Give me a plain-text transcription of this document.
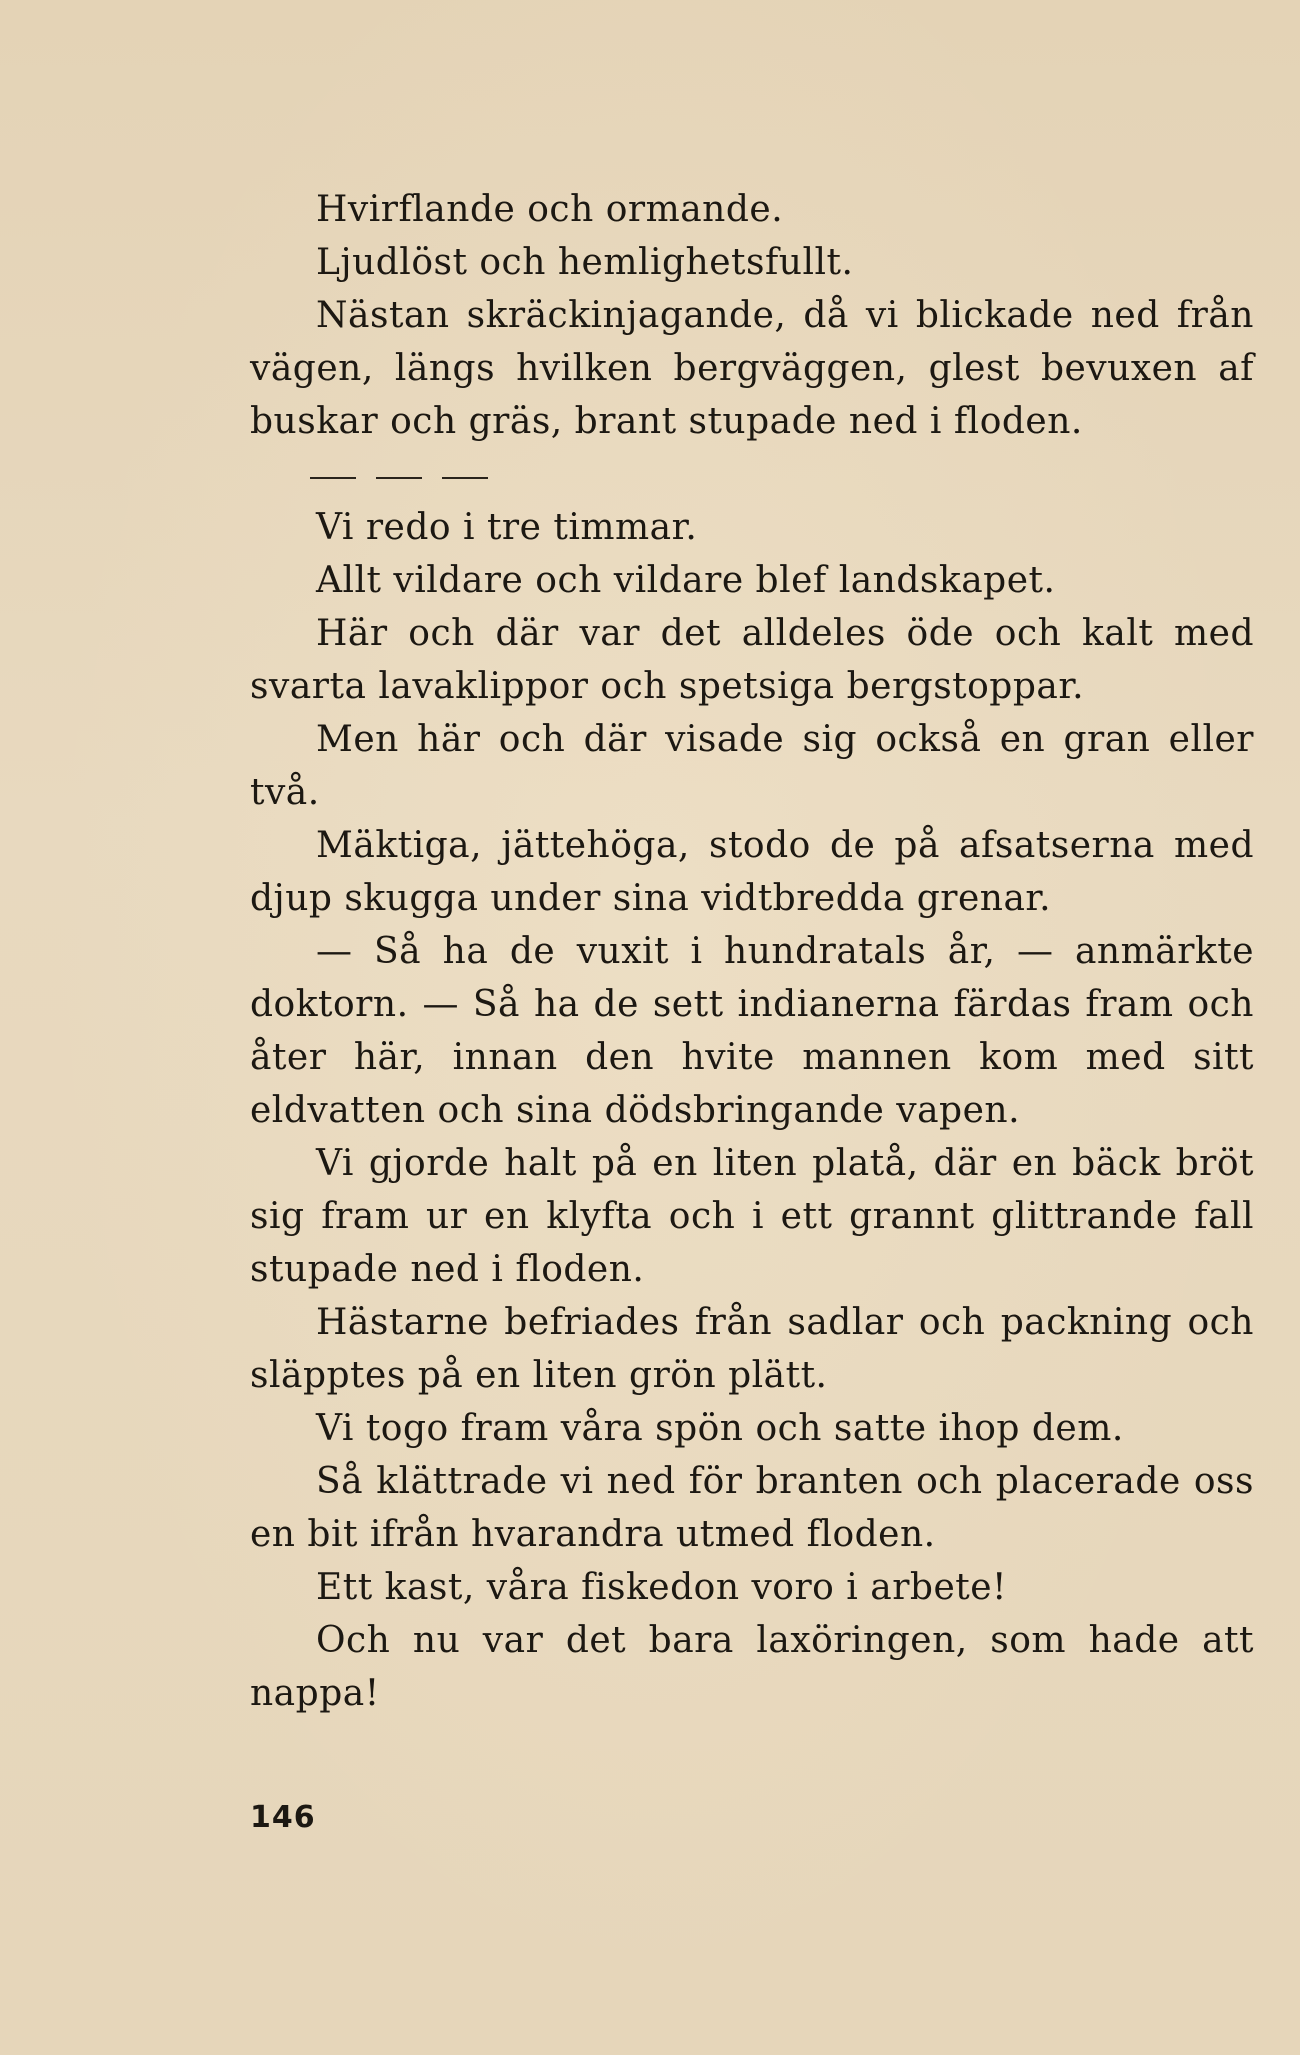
Hvirflande och ormande.

Ljudlöst och hemlighetsfullt.

Nästan skräckinjagande, då vi blickade ned från vägen, längs hvilken bergväggen, glest bevuxen af buskar och gräs, brant stupade ned i floden.

Vi redo i tre timmar.

Allt vildare och vildare blef landskapet.

Här och där var det alldeles öde och kalt med svarta lavaklippor och spetsiga bergstoppar.

Men här och där visade sig också en gran eller två.

Mäktiga, jättehöga, stodo de på afsatserna med djup skugga under sina vidtbredda grenar.

— Så ha de vuxit i hundratals år, — anmärkte doktorn. — Så ha de sett indianerna färdas fram och åter här, innan den hvite mannen kom med sitt eldvatten och sina dödsbringande vapen.

Vi gjorde halt på en liten platå, där en bäck bröt sig fram ur en klyfta och i ett grannt glittrande fall stupade ned i floden.

Hästarne befriades från sadlar och packning och släpptes på en liten grön plätt.

Vi togo fram våra spön och satte ihop dem.

Så klättrade vi ned för branten och placerade oss en bit ifrån hvarandra utmed floden.

Ett kast, våra fiskedon voro i arbete!

Och nu var det bara laxöringen, som hade att nappa!

146
